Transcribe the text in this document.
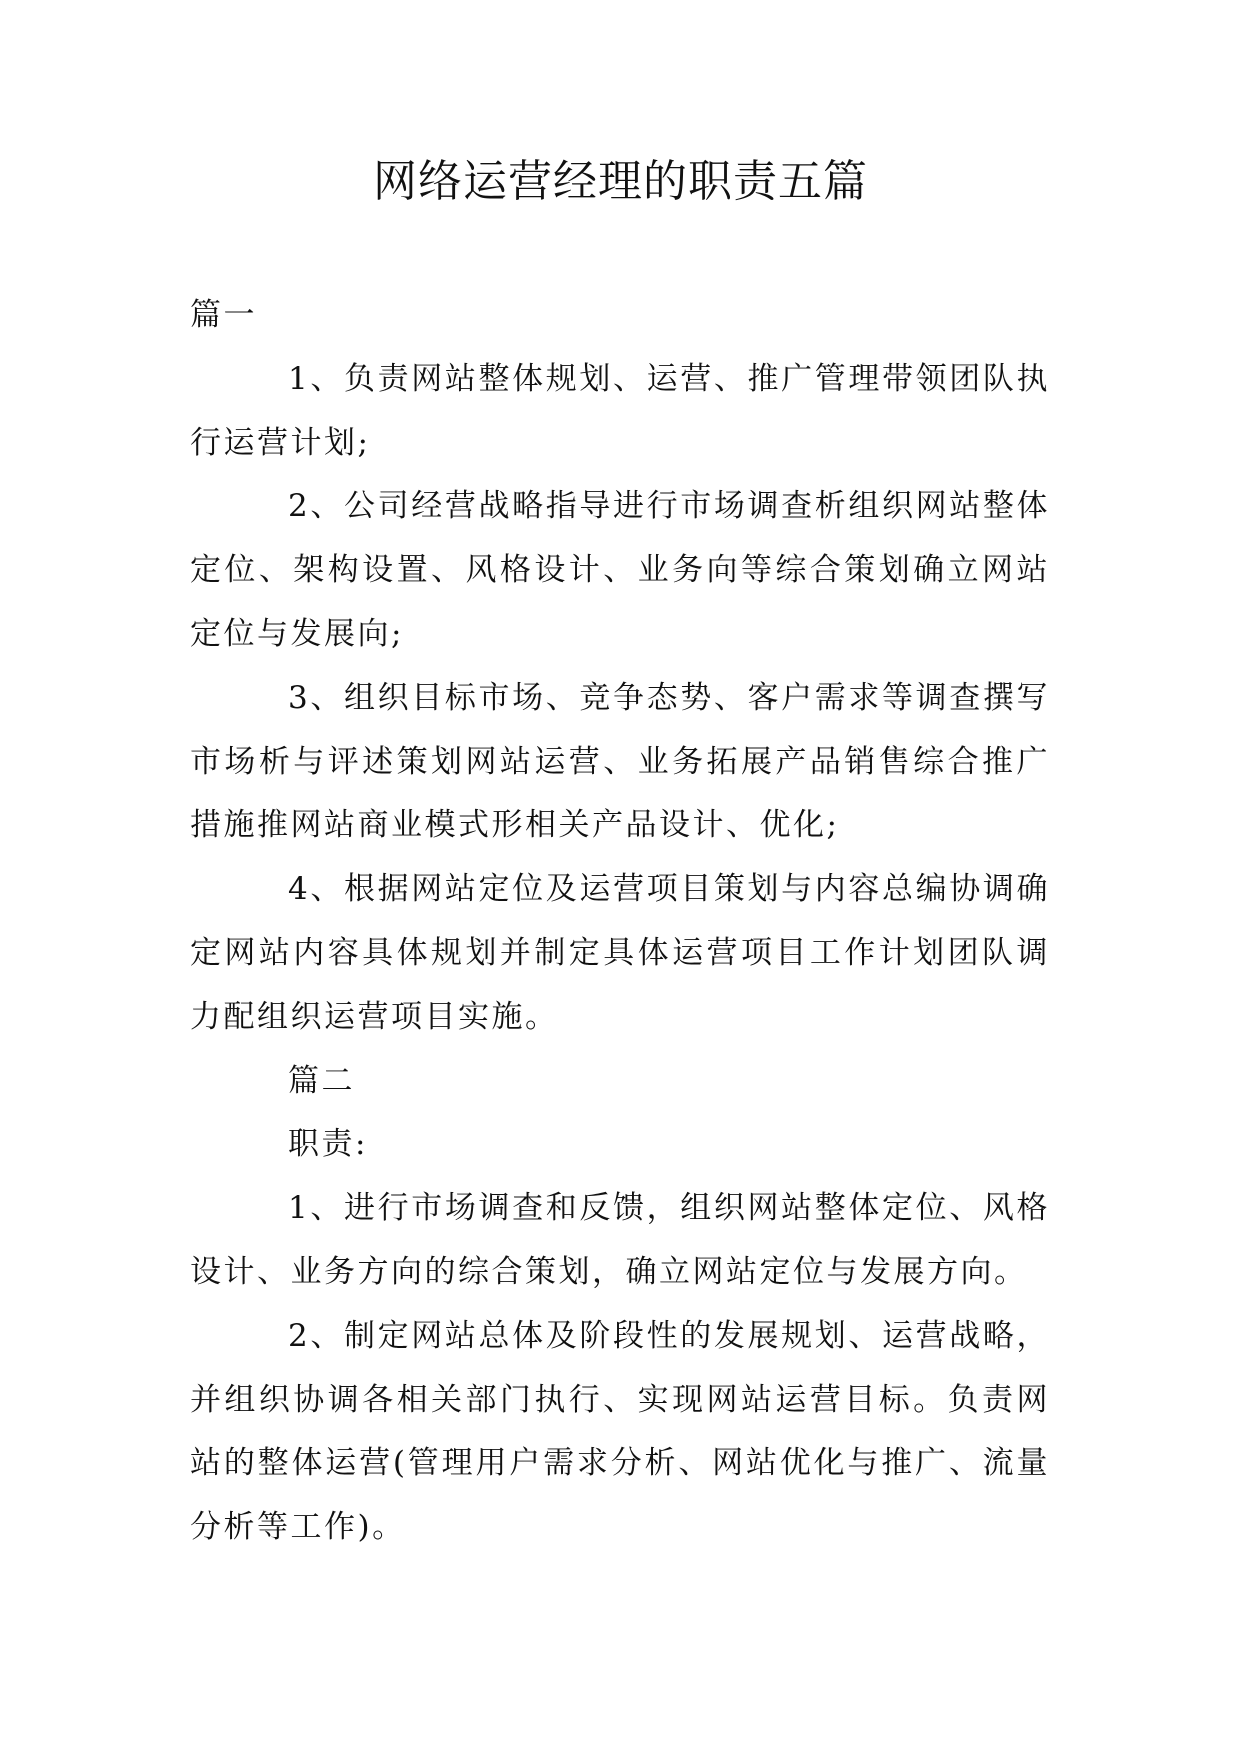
网络运营经理的职责五篇

篇一

1、负责网站整体规划、运营、推广管理带领团队执行运营计划;

2、公司经营战略指导进行市场调查析组织网站整体定位、架构设置、风格设计、业务向等综合策划确立网站定位与发展向;

3、组织目标市场、竞争态势、客户需求等调查撰写市场析与评述策划网站运营、业务拓展产品销售综合推广措施推网站商业模式形相关产品设计、优化;

4、根据网站定位及运营项目策划与内容总编协调确定网站内容具体规划并制定具体运营项目工作计划团队调力配组织运营项目实施。

篇二

职责:

1、进行市场调查和反馈，组织网站整体定位、风格设计、业务方向的综合策划，确立网站定位与发展方向。

2、制定网站总体及阶段性的发展规划、运营战略，并组织协调各相关部门执行、实现网站运营目标。负责网站的整体运营(管理用户需求分析、网站优化与推广、流量分析等工作)。
